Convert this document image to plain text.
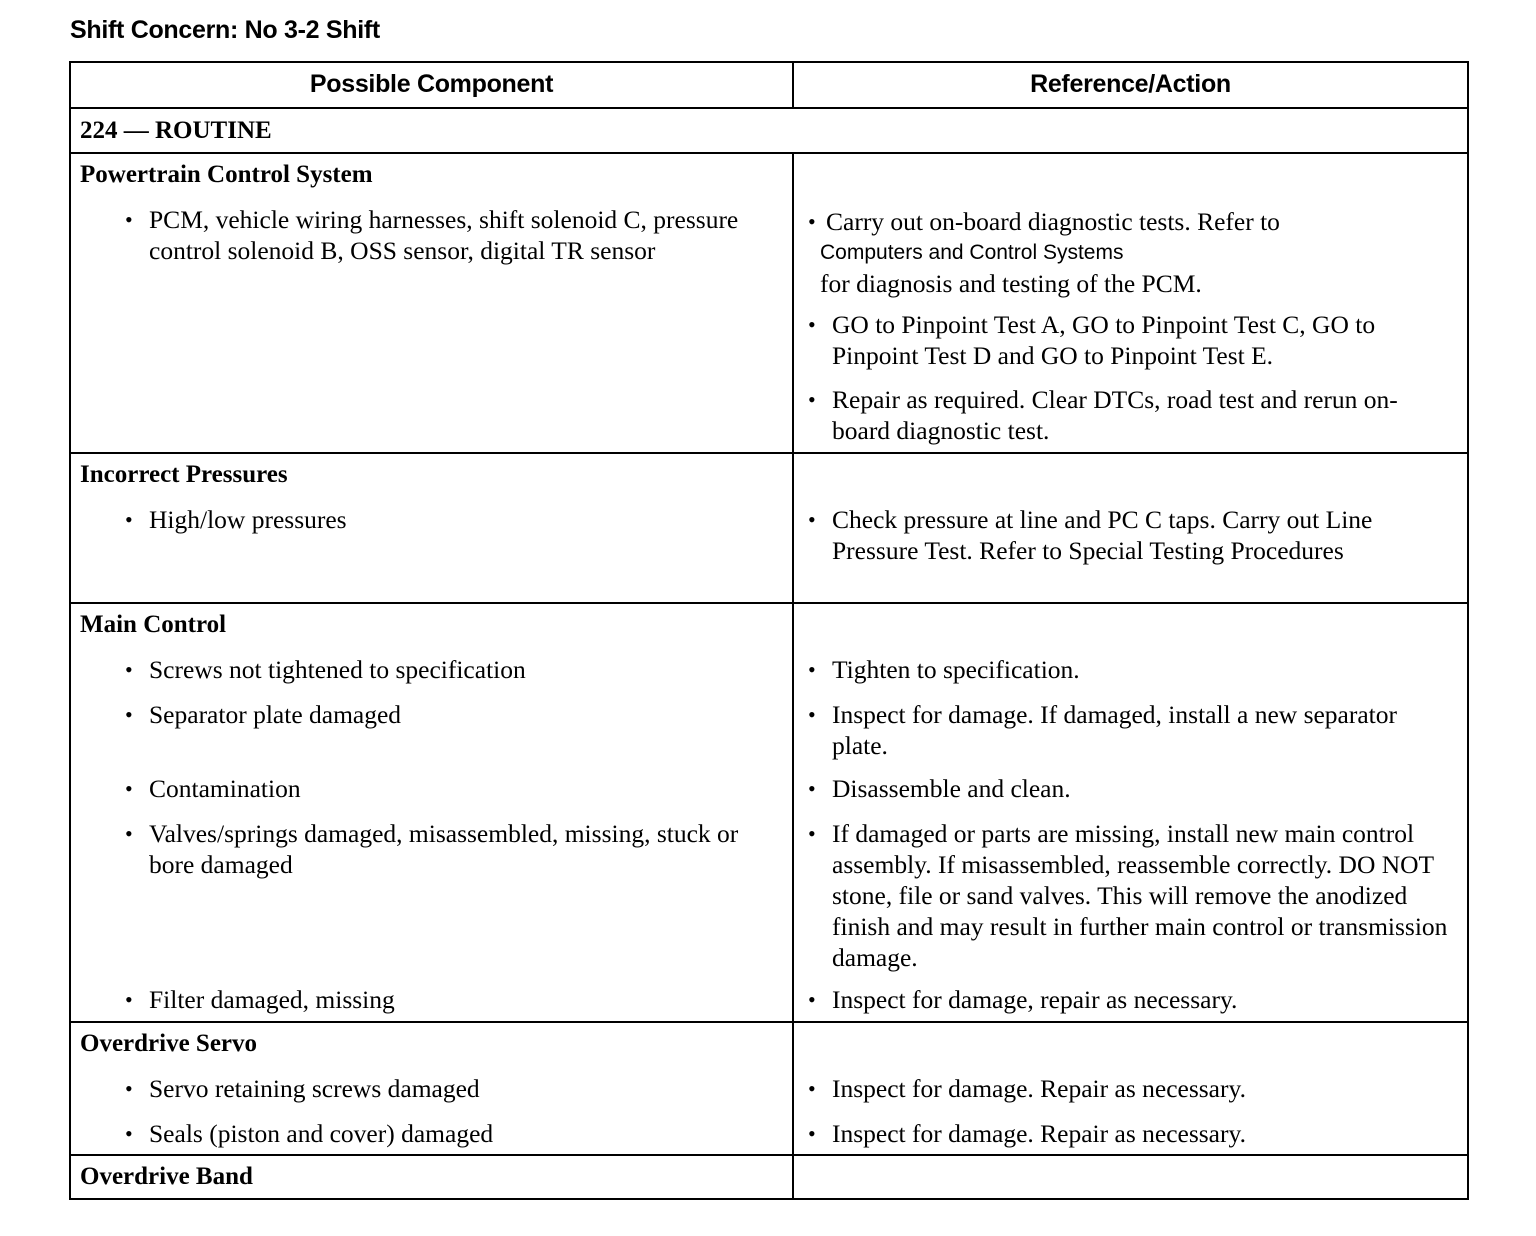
Shift Concern: No 3-2 Shift
Possible Component	Reference/Action
224 — ROUTINE
Powertrain Control System
• PCM, vehicle wiring harnesses, shift solenoid C, pressure control solenoid B, OSS sensor, digital TR sensor
• Carry out on-board diagnostic tests. Refer to
Computers and Control Systems
for diagnosis and testing of the PCM.
• GO to Pinpoint Test A, GO to Pinpoint Test C, GO to Pinpoint Test D and GO to Pinpoint Test E.
• Repair as required. Clear DTCs, road test and rerun on-board diagnostic test.
Incorrect Pressures
• High/low pressures	• Check pressure at line and PC C taps. Carry out Line Pressure Test. Refer to Special Testing Procedures
Main Control
• Screws not tightened to specification
• Separator plate damaged
• Contamination
• Valves/springs damaged, misassembled, missing, stuck or bore damaged
• Filter damaged, missing
• Tighten to specification.
• Inspect for damage. If damaged, install a new separator plate.
• Disassemble and clean.
• If damaged or parts are missing, install new main control assembly. If misassembled, reassemble correctly. DO NOT stone, file or sand valves. This will remove the anodized finish and may result in further main control or transmission damage.
• Inspect for damage, repair as necessary.
Overdrive Servo
• Servo retaining screws damaged
• Seals (piston and cover) damaged
• Inspect for damage. Repair as necessary.
• Inspect for damage. Repair as necessary.
Overdrive Band
